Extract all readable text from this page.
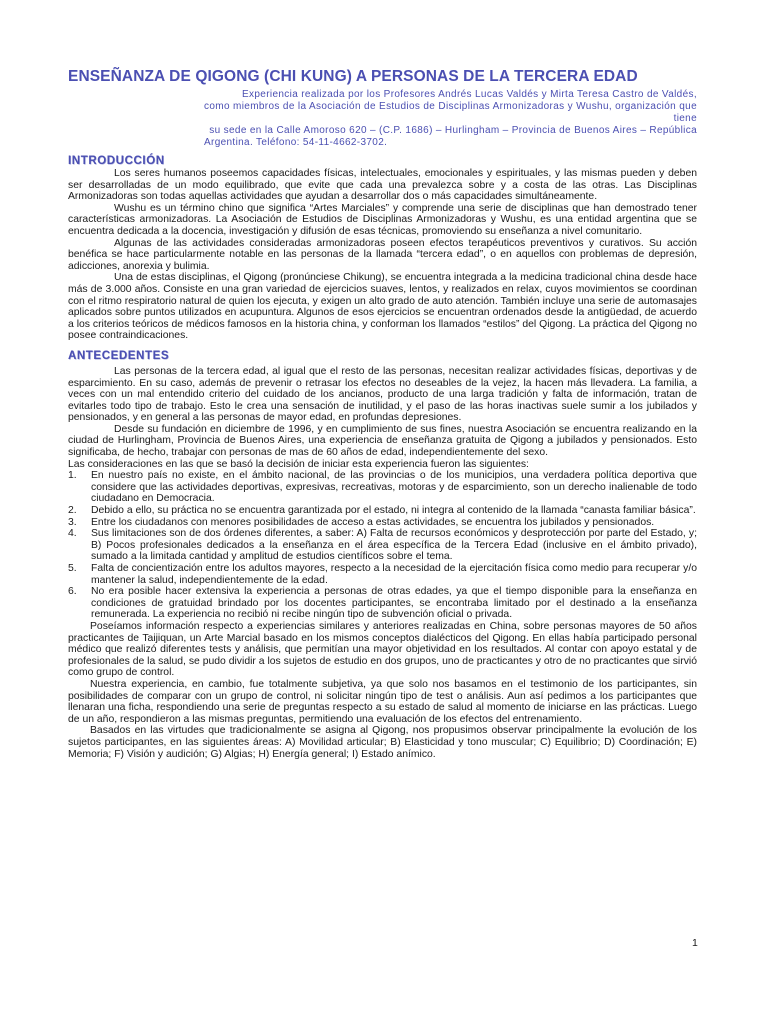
ENSEÑANZA DE QIGONG (CHI KUNG) A PERSONAS DE LA TERCERA EDAD
Experiencia realizada por los Profesores Andrés Lucas Valdés y Mirta Teresa Castro de Valdés,
como miembros de la Asociación de Estudios de Disciplinas Armonizadoras y Wushu, organización que tiene
su sede en la Calle Amoroso 620 – (C.P. 1686) – Hurlingham – Provincia de Buenos Aires – República
Argentina. Teléfono: 54-11-4662-3702.
INTRODUCCIÓN

Los seres humanos poseemos capacidades físicas, intelectuales, emocionales y espirituales, y las mismas pueden y deben ser desarrolladas de un modo equilibrado, que evite que cada una prevalezca sobre y a costa de las otras. Las Disciplinas Armonizadoras son todas aquellas actividades que ayudan a desarrollar dos o más capacidades simultáneamente.

Wushu es un término chino que significa “Artes Marciales” y comprende una serie de disciplinas que han demostrado tener características armonizadoras. La Asociación de Estudios de Disciplinas Armonizadoras y Wushu, es una entidad argentina que se encuentra dedicada a la docencia, investigación y difusión de esas técnicas, promoviendo su enseñanza a nivel comunitario.

Algunas de las actividades consideradas armonizadoras poseen efectos terapéuticos preventivos y curativos. Su acción benéfica se hace particularmente notable en las personas de la llamada “tercera edad”, o en aquellos con problemas de depresión, adicciones, anorexia y bulimia.

Una de estas disciplinas, el Qigong (pronúnciese Chikung), se encuentra integrada a la medicina tradicional china desde hace más de 3.000 años. Consiste en una gran variedad de ejercicios suaves, lentos, y realizados en relax, cuyos movimientos se coordinan con el ritmo respiratorio natural de quien los ejecuta, y exigen un alto grado de auto atención. También incluye una serie de automasajes aplicados sobre puntos utilizados en acupuntura. Algunos de esos ejercicios se encuentran ordenados desde la antigüedad, de acuerdo a los criterios teóricos de médicos famosos en la historia china, y conforman los llamados “estilos” del Qigong. La práctica del Qigong no posee contraindicaciones.

ANTECEDENTES

Las personas de la tercera edad, al igual que el resto de las personas, necesitan realizar actividades físicas, deportivas y de esparcimiento. En su caso, además de prevenir o retrasar los efectos no deseables de la vejez, la hacen más llevadera. La familia, a veces con un mal entendido criterio del cuidado de los ancianos, producto de una larga tradición y falta de información, tratan de evitarles todo tipo de trabajo. Esto le crea una sensación de inutilidad, y el paso de las horas inactivas suele sumir a los jubilados y pensionados, y en general a las personas de mayor edad, en profundas depresiones.

Desde su fundación en diciembre de 1996, y en cumplimiento de sus fines, nuestra Asociación se encuentra realizando en la ciudad de Hurlingham, Provincia de Buenos Aires, una experiencia de enseñanza gratuita de Qigong a jubilados y pensionados. Esto significaba, de hecho, trabajar con personas de mas de 60 años de edad, independientemente del sexo.

Las consideraciones en las que se basó la decisión de iniciar esta experiencia fueron las siguientes:

1. En nuestro país no existe, en el ámbito nacional, de las provincias o de los municipios, una verdadera política deportiva que considere que las actividades deportivas, expresivas, recreativas, motoras y de esparcimiento, son un derecho inalienable de todo ciudadano en Democracia.
2. Debido a ello, su práctica no se encuentra garantizada por el estado, ni integra al contenido de la llamada “canasta familiar básica”.
3. Entre los ciudadanos con menores posibilidades de acceso a estas actividades, se encuentra los jubilados y pensionados.
4. Sus limitaciones son de dos órdenes diferentes, a saber: A) Falta de recursos económicos y desprotección por parte del Estado, y; B) Pocos profesionales dedicados a la enseñanza en el área específica de la Tercera Edad (inclusive en el ámbito privado), sumado a la limitada cantidad y amplitud de estudios científicos sobre el tema.
5. Falta de concientización entre los adultos mayores, respecto a la necesidad de la ejercitación física como medio para recuperar y/o mantener la salud, independientemente de la edad.
6. No era posible hacer extensiva la experiencia a personas de otras edades, ya que el tiempo disponible para la enseñanza en condiciones de gratuidad brindado por los docentes participantes, se encontraba limitado por el destinado a la enseñanza remunerada. La experiencia no recibió ni recibe ningún tipo de subvención oficial o privada.

Poseíamos información respecto a experiencias similares y anteriores realizadas en China, sobre personas mayores de 50 años practicantes de Taijiquan, un Arte Marcial basado en los mismos conceptos dialécticos del Qigong. En ellas había participado personal médico que realizó diferentes tests y análisis, que permitían una mayor objetividad en los resultados. Al contar con apoyo estatal y de profesionales de la salud, se pudo dividir a los sujetos de estudio en dos grupos, uno de practicantes y otro de no practicantes que sirvió como grupo de control.

Nuestra experiencia, en cambio, fue totalmente subjetiva, ya que solo nos basamos en el testimonio de los participantes, sin posibilidades de comparar con un grupo de control, ni solicitar ningún tipo de test o análisis. Aun así pedimos a los participantes que llenaran una ficha, respondiendo una serie de preguntas respecto a su estado de salud al momento de iniciarse en las prácticas. Luego de un año, respondieron a las mismas preguntas, permitiendo una evaluación de los efectos del entrenamiento.

Basados en las virtudes que tradicionalmente se asigna al Qigong, nos propusimos observar principalmente la evolución de los sujetos participantes, en las siguientes áreas: A) Movilidad articular; B) Elasticidad y tono muscular; C) Equilibrio; D) Coordinación; E) Memoria; F) Visión y audición; G) Algias; H) Energía general; I) Estado anímico.

1
